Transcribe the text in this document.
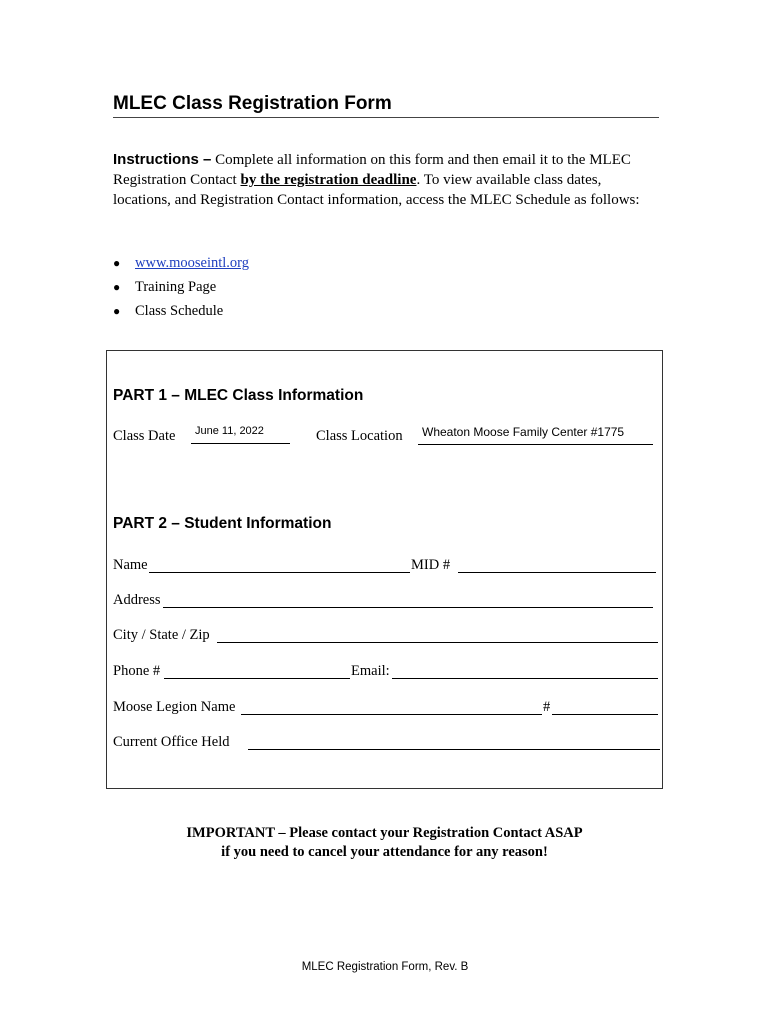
MLEC Class Registration Form
Instructions – Complete all information on this form and then email it to the MLEC Registration Contact by the registration deadline. To view available class dates, locations, and Registration Contact information, access the MLEC Schedule as follows:
● www.mooseintl.org
● Training Page
● Class Schedule
PART 1 – MLEC Class Information
Class Date June 11, 2022	Class Location Wheaton Moose Family Center #1775
PART 2 – Student Information
Name	MID #
Address
City / State / Zip
Phone #	Email:
Moose Legion Name	#
Current Office Held
IMPORTANT – Please contact your Registration Contact ASAP
if you need to cancel your attendance for any reason!
MLEC Registration Form, Rev. B
